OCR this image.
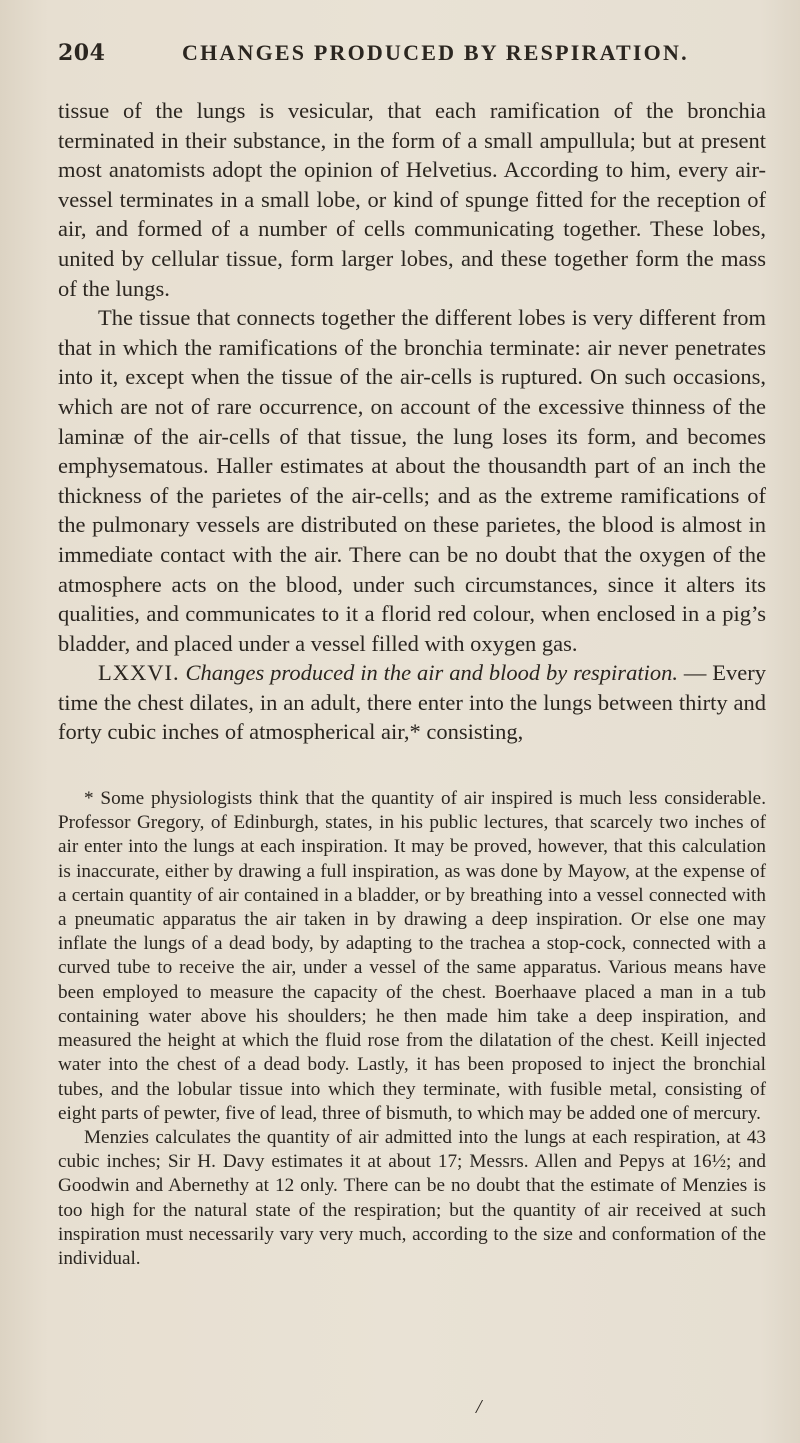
204	CHANGES PRODUCED BY RESPIRATION.

tissue of the lungs is vesicular, that each ramification of the bronchia terminated in their substance, in the form of a small ampullula; but at present most anatomists adopt the opinion of Helvetius. According to him, every air-vessel terminates in a small lobe, or kind of spunge fitted for the reception of air, and formed of a number of cells communicating together. These lobes, united by cellular tissue, form larger lobes, and these together form the mass of the lungs.

The tissue that connects together the different lobes is very different from that in which the ramifications of the bronchia terminate: air never penetrates into it, except when the tissue of the air-cells is ruptured. On such occasions, which are not of rare occurrence, on account of the excessive thinness of the laminæ of the air-cells of that tissue, the lung loses its form, and becomes emphysematous. Haller estimates at about the thousandth part of an inch the thickness of the parietes of the air-cells; and as the extreme ramifications of the pulmonary vessels are distributed on these parietes, the blood is almost in immediate contact with the air. There can be no doubt that the oxygen of the atmosphere acts on the blood, under such circumstances, since it alters its qualities, and communicates to it a florid red colour, when enclosed in a pig’s bladder, and placed under a vessel filled with oxygen gas.

LXXVI. Changes produced in the air and blood by respiration. — Every time the chest dilates, in an adult, there enter into the lungs between thirty and forty cubic inches of atmospherical air,* consisting,

* Some physiologists think that the quantity of air inspired is much less considerable. Professor Gregory, of Edinburgh, states, in his public lectures, that scarcely two inches of air enter into the lungs at each inspiration. It may be proved, however, that this calculation is inaccurate, either by drawing a full inspiration, as was done by Mayow, at the expense of a certain quantity of air contained in a bladder, or by breathing into a vessel connected with a pneumatic apparatus the air taken in by drawing a deep inspiration. Or else one may inflate the lungs of a dead body, by adapting to the trachea a stop-cock, connected with a curved tube to receive the air, under a vessel of the same apparatus. Various means have been employed to measure the capacity of the chest. Boerhaave placed a man in a tub containing water above his shoulders; he then made him take a deep inspiration, and measured the height at which the fluid rose from the dilatation of the chest. Keill injected water into the chest of a dead body. Lastly, it has been proposed to inject the bronchial tubes, and the lobular tissue into which they terminate, with fusible metal, consisting of eight parts of pewter, five of lead, three of bismuth, to which may be added one of mercury.

Menzies calculates the quantity of air admitted into the lungs at each respiration, at 43 cubic inches; Sir H. Davy estimates it at about 17; Messrs. Allen and Pepys at 16½; and Goodwin and Abernethy at 12 only. There can be no doubt that the estimate of Menzies is too high for the natural state of the respiration; but the quantity of air received at such inspiration must necessarily vary very much, according to the size and conformation of the individual.

/
